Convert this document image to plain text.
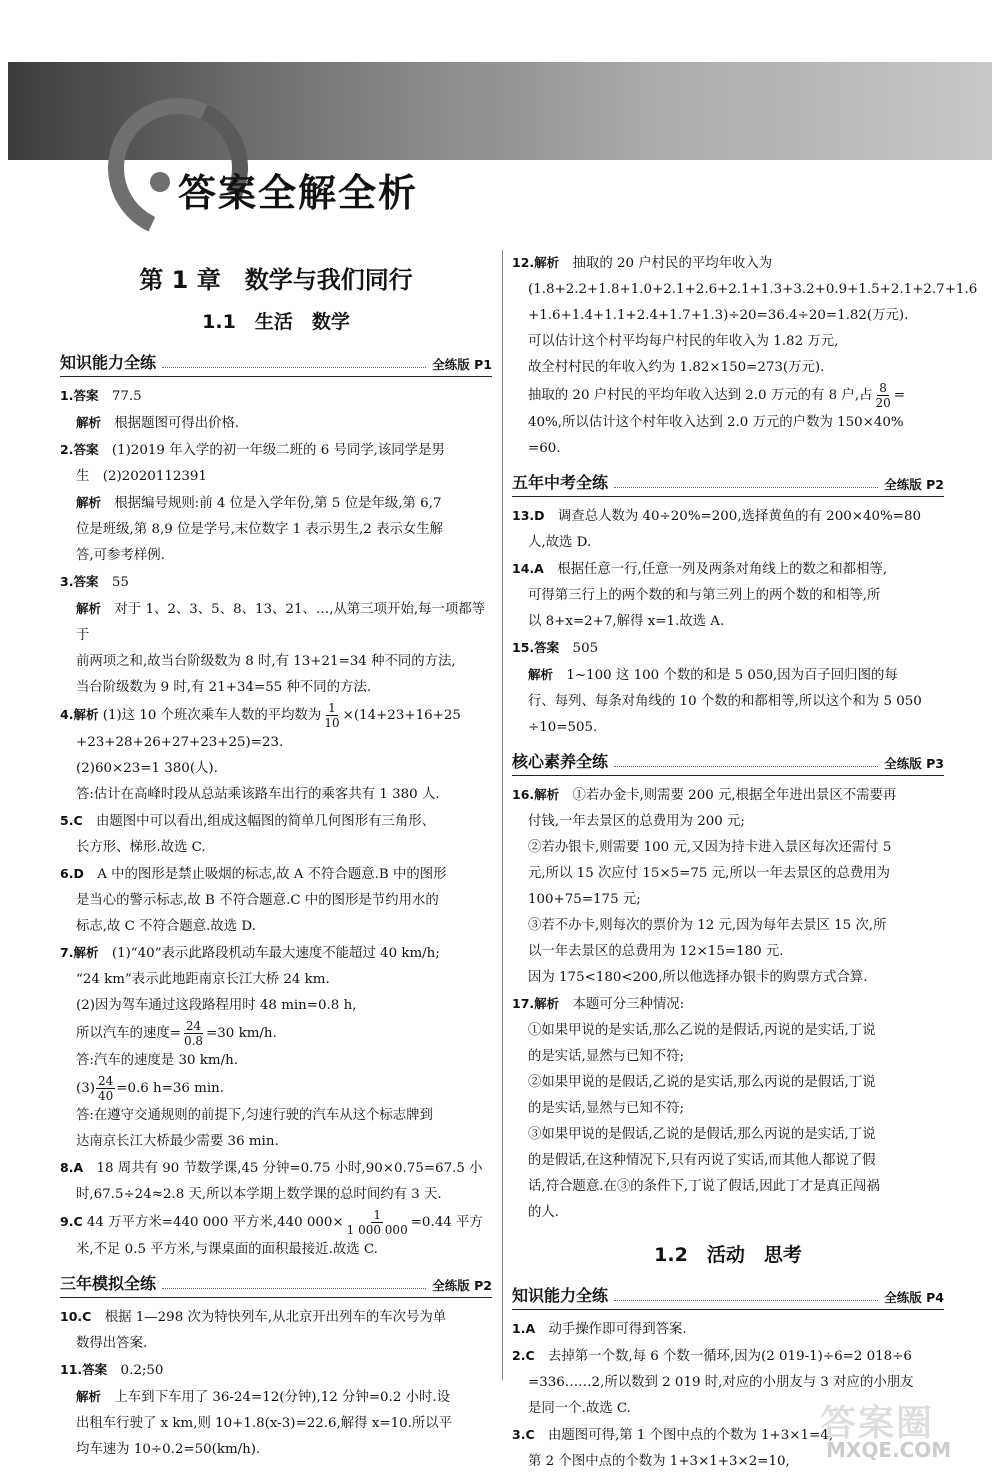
答案全解全析
第 1 章　数学与我们同行
1.1　生活　数学
知识能力全练	全练版 P1

1.答案  77.5

解析  根据题图可得出价格.

2.答案  (1)2019 年入学的初一年级二班的 6 号同学,该同学是男

生　(2)2020112391

解析  根据编号规则:前 4 位是入学年份,第 5 位是年级,第 6,7

位是班级,第 8,9 位是学号,末位数字 1 表示男生,2 表示女生解

答,可参考样例.

3.答案  55

解析  对于 1、2、3、5、8、13、21、…,从第三项开始,每一项都等于

前两项之和,故当台阶级数为 8 时,有 13+21=34 种不同的方法,

当台阶级数为 9 时,有 21+34=55 种不同的方法.

4.解析 (1)这 10 个班次乘车人数的平均数为 $\frac{1}{10} \times(14+23+16+25$

+23+28+26+27+23+25)=23.

(2)60×23=1 380(人).

答:估计在高峰时段从总站乘该路车出行的乘客共有 1 380 人.

5.C  由题图中可以看出,组成这幅图的简单几何图形有三角形、

长方形、梯形.故选 C.

6.D  A 中的图形是禁止吸烟的标志,故 A 不符合题意.B 中的图形

是当心的警示标志,故 B 不符合题意.C 中的图形是节约用水的

标志,故 C 不符合题意.故选 D.

7.解析  (1)“40”表示此路段机动车最大速度不能超过 40 km/h;

“24 km”表示此地距南京长江大桥 24 km.

(2)因为驾车通过这段路程用时 48 min=0.8 h,

所以汽车的速度= $\frac{24}{0.8} =30$ km/h.

答:汽车的速度是 30 km/h.

$(3) \frac{24}{40} =0.6$ h=36 min.

答:在遵守交通规则的前提下,匀速行驶的汽车从这个标志牌到

达南京长江大桥最少需要 36 min.

8.A  18 周共有 90 节数学课,45 分钟=0.75 小时,90×0.75=67.5 小

时,67.5÷24≈2.8 天,所以本学期上数学课的总时间约有 3 天.

9.C 44 万平方米=440 000 平方米,440 $000\times \frac{1}{1 000 000} =0.44$ 平方

米,不足 0.5 平方米,与课桌面的面积最接近.故选 C.

三年模拟全练	全练版 P2

10.C  根据 1—298 次为特快列车,从北京开出列车的车次号为单

数得出答案.

11.答案  0.2;50

解析  上车到下车用了 36-24=12(分钟),12 分钟=0.2 小时.设

出租车行驶了 x km,则 10+1.8(x-3)=22.6,解得 x=10.所以平

均车速为 10÷0.2=50(km/h).

12.解析  抽取的 20 户村民的平均年收入为

(1.8+2.2+1.8+1.0+2.1+2.6+2.1+1.3+3.2+0.9+1.5+2.1+2.7+1.6

+1.6+1.4+1.1+2.4+1.7+1.3)÷20=36.4÷20=1.82(万元).

可以估计这个村平均每户村民的年收入为 1.82 万元,

故全村村民的年收入约为 1.82×150=273(万元).

抽取的 20 户村民的平均年收入达到 2.0 万元的有 8 户,占 $\frac{8}{20}$ =

40%,所以估计这个村年收入达到 2.0 万元的户数为 150×40%

=60.

五年中考全练	全练版 P2

13.D  调查总人数为 40÷20%=200,选择黄鱼的有 200×40%=80

人,故选 D.

14.A  根据任意一行,任意一列及两条对角线上的数之和都相等,

可得第三行上的两个数的和与第三列上的两个数的和相等,所

以 8+x=2+7,解得 x=1.故选 A.

15.答案  505

解析  1~100 这 100 个数的和是 5 050,因为百子回归图的每

行、每列、每条对角线的 10 个数的和都相等,所以这个和为 5 050

÷10=505.

核心素养全练	全练版 P3

16.解析  ①若办金卡,则需要 200 元,根据全年进出景区不需要再

付钱,一年去景区的总费用为 200 元;

②若办银卡,则需要 100 元,又因为持卡进入景区每次还需付 5

元,所以 15 次应付 15×5=75 元,所以一年去景区的总费用为

100+75=175 元;

③若不办卡,则每次的票价为 12 元,因为每年去景区 15 次,所

以一年去景区的总费用为 12×15=180 元.

因为 175<180<200,所以他选择办银卡的购票方式合算.

17.解析  本题可分三种情况:

①如果甲说的是实话,那么乙说的是假话,丙说的是实话,丁说

的是实话,显然与已知不符;

②如果甲说的是假话,乙说的是实话,那么丙说的是假话,丁说

的是实话,显然与已知不符;

③如果甲说的是假话,乙说的是假话,那么丙说的是实话,丁说

的是假话,在这种情况下,只有丙说了实话,而其他人都说了假

话,符合题意.在③的条件下,丁说了假话,因此丁才是真正闯祸

的人.

1.2　活动　思考
知识能力全练	全练版 P4

1.A  动手操作即可得到答案.

2.C  去掉第一个数,每 6 个数一循环,因为(2 019-1)÷6=2 018÷6

=336……2,所以数到 2 019 时,对应的小朋友与 3 对应的小朋友

是同一个.故选 C.

3.C  由题图可得,第 1 个图中点的个数为 1+3×1=4,

第 2 个图中点的个数为 1+3×1+3×2=10,

答案圈
MXQE.COM
